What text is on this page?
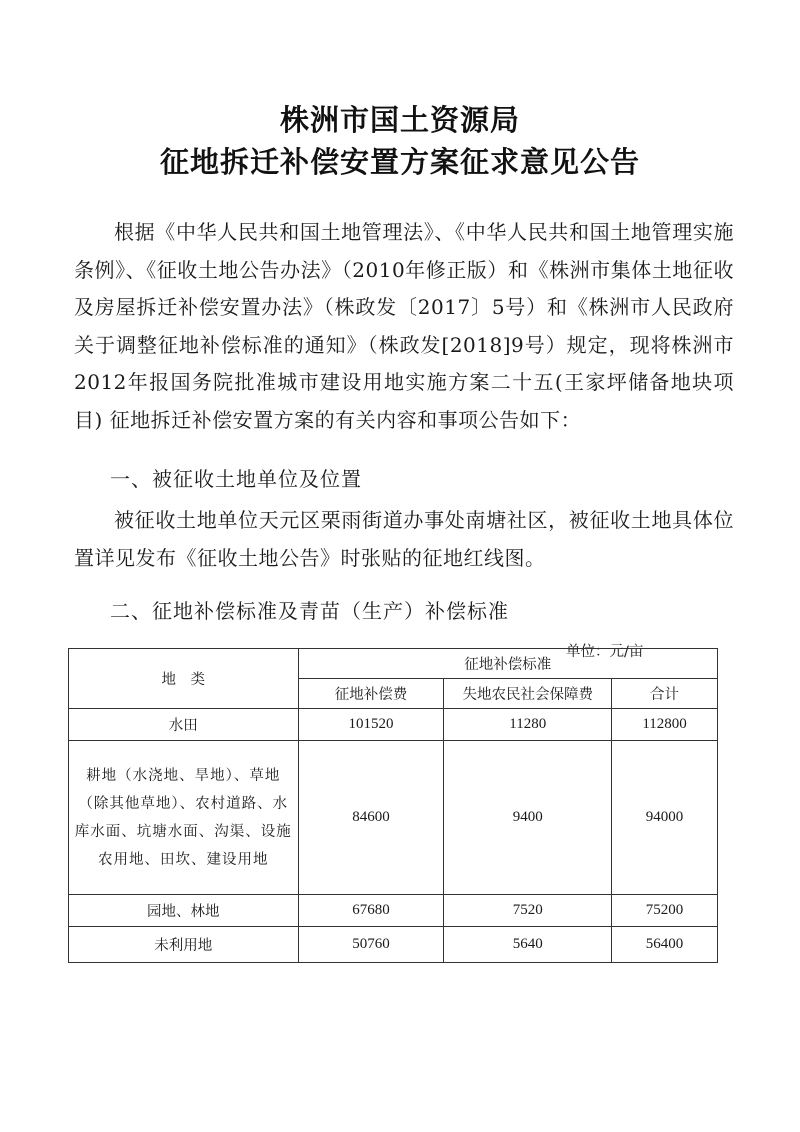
株洲市国土资源局
征地拆迁补偿安置方案征求意见公告

根据《中华人民共和国土地管理法》、《中华人民共和国土地管理实施条例》、《征收土地公告办法》（2010年修正版）和《株洲市集体土地征收及房屋拆迁补偿安置办法》（株政发〔2017〕5号）和《株洲市人民政府关于调整征地补偿标准的通知》（株政发[2018]9号）规定，现将株洲市2012年报国务院批准城市建设用地实施方案二十五(王家坪储备地块项目) 征地拆迁补偿安置方案的有关内容和事项公告如下：

一、被征收土地单位及位置

被征收土地单位天元区栗雨街道办事处南塘社区，被征收土地具体位置详见发布《征收土地公告》时张贴的征地红线图。

二、征地补偿标准及青苗（生产）补偿标准

单位：元/亩
地　类	征地补偿标准		
	征地补偿费	失地农民社会保障费	合计
水田	101520	11280	112800
耕地（水浇地、旱地）、草地（除其他草地）、农村道路、水库水面、坑塘水面、沟渠、设施农用地、田坎、建设用地	84600	9400	94000
园地、林地	67680	7520	75200
未利用地	50760	5640	56400
